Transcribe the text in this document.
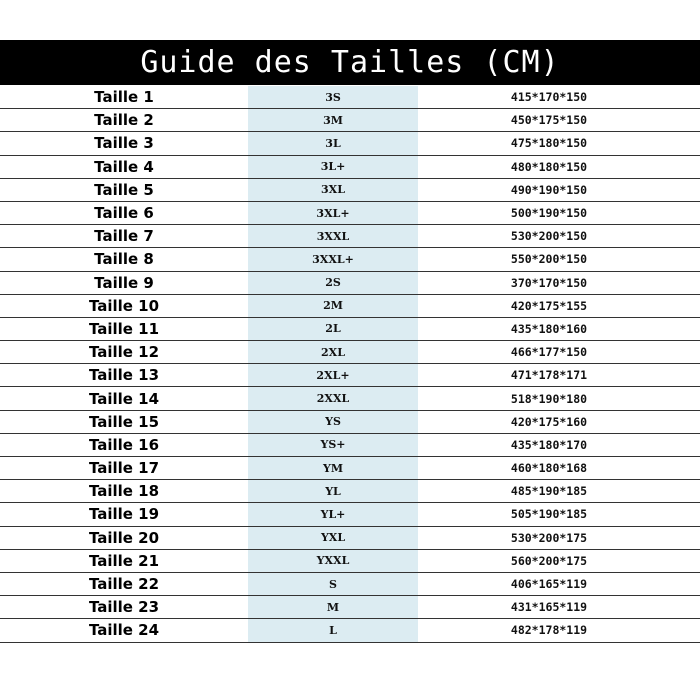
Guide des Tailles (CM)
Taille 1	3S	415*170*150
Taille 2	3M	450*175*150
Taille 3	3L	475*180*150
Taille 4	3L+	480*180*150
Taille 5	3XL	490*190*150
Taille 6	3XL+	500*190*150
Taille 7	3XXL	530*200*150
Taille 8	3XXL+	550*200*150
Taille 9	2S	370*170*150
Taille 10	2M	420*175*155
Taille 11	2L	435*180*160
Taille 12	2XL	466*177*150
Taille 13	2XL+	471*178*171
Taille 14	2XXL	518*190*180
Taille 15	YS	420*175*160
Taille 16	YS+	435*180*170
Taille 17	YM	460*180*168
Taille 18	YL	485*190*185
Taille 19	YL+	505*190*185
Taille 20	YXL	530*200*175
Taille 21	YXXL	560*200*175
Taille 22	S	406*165*119
Taille 23	M	431*165*119
Taille 24	L	482*178*119
